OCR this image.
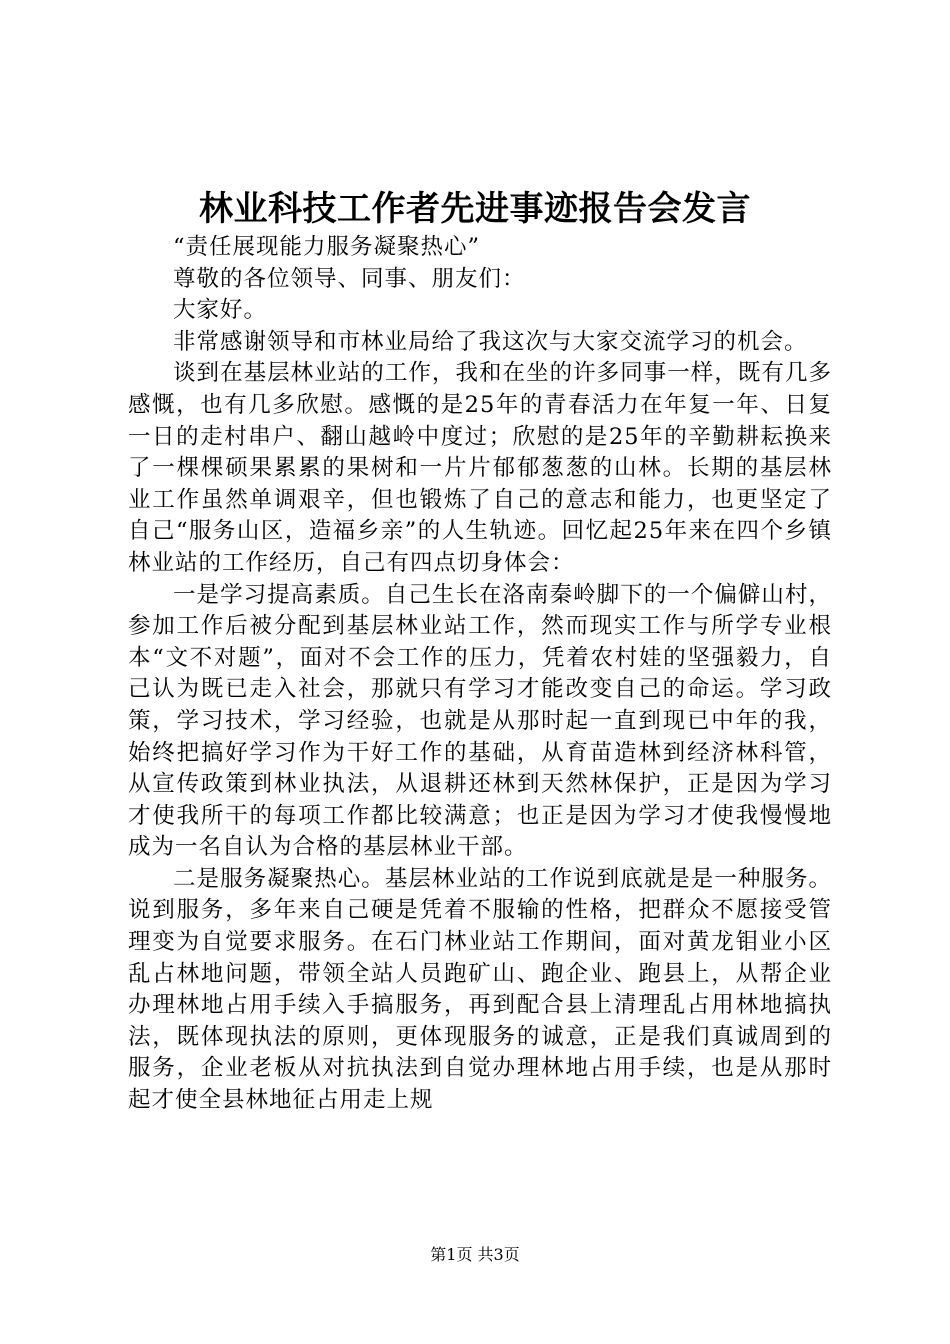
林业科技工作者先进事迹报告会发言

“责任展现能力服务凝聚热心”

尊敬的各位领导、同事、朋友们：

大家好。

非常感谢领导和市林业局给了我这次与大家交流学习的机会。

谈到在基层林业站的工作，我和在坐的许多同事一样，既有几多感慨，也有几多欣慰。感慨的是25年的青春活力在年复一年、日复一日的走村串户、翻山越岭中度过；欣慰的是25年的辛勤耕耘换来了一棵棵硕果累累的果树和一片片郁郁葱葱的山林。长期的基层林业工作虽然单调艰辛，但也锻炼了自己的意志和能力，也更坚定了自己“服务山区，造福乡亲”的人生轨迹。回忆起25年来在四个乡镇林业站的工作经历，自己有四点切身体会：

一是学习提高素质。自己生长在洛南秦岭脚下的一个偏僻山村，参加工作后被分配到基层林业站工作，然而现实工作与所学专业根本“文不对题”，面对不会工作的压力，凭着农村娃的坚强毅力，自己认为既已走入社会，那就只有学习才能改变自己的命运。学习政策，学习技术，学习经验，也就是从那时起一直到现已中年的我，始终把搞好学习作为干好工作的基础，从育苗造林到经济林科管，从宣传政策到林业执法，从退耕还林到天然林保护，正是因为学习才使我所干的每项工作都比较满意；也正是因为学习才使我慢慢地成为一名自认为合格的基层林业干部。

二是服务凝聚热心。基层林业站的工作说到底就是是一种服务。说到服务，多年来自己硬是凭着不服输的性格，把群众不愿接受管理变为自觉要求服务。在石门林业站工作期间，面对黄龙钼业小区乱占林地问题，带领全站人员跑矿山、跑企业、跑县上，从帮企业办理林地占用手续入手搞服务，再到配合县上清理乱占用林地搞执法，既体现执法的原则，更体现服务的诚意，正是我们真诚周到的服务，企业老板从对抗执法到自觉办理林地占用手续，也是从那时起才使全县林地征占用走上规

第1页 共3页
